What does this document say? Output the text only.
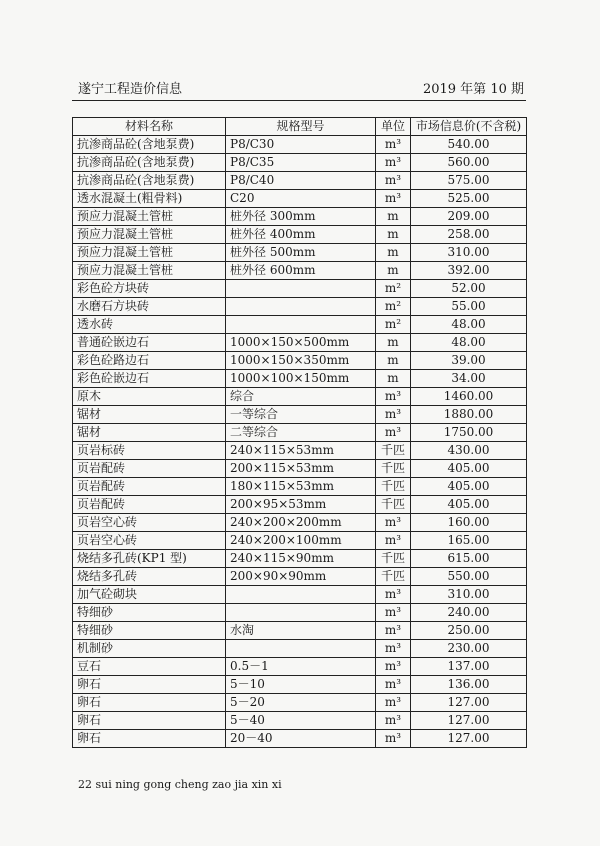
遂宁工程造价信息	2019 年第 10 期
材料名称	规格型号	单位	市场信息价(不含税)
抗渗商品砼(含地泵费)	P8/C30	m³	540.00
抗渗商品砼(含地泵费)	P8/C35	m³	560.00
抗渗商品砼(含地泵费)	P8/C40	m³	575.00
透水混凝土(粗骨料)	C20	m³	525.00
预应力混凝土管桩	桩外径 300mm	m	209.00
预应力混凝土管桩	桩外径 400mm	m	258.00
预应力混凝土管桩	桩外径 500mm	m	310.00
预应力混凝土管桩	桩外径 600mm	m	392.00
彩色砼方块砖		m²	52.00
水磨石方块砖		m²	55.00
透水砖		m²	48.00
普通砼嵌边石	1000×150×500mm	m	48.00
彩色砼路边石	1000×150×350mm	m	39.00
彩色砼嵌边石	1000×100×150mm	m	34.00
原木	综合	m³	1460.00
锯材	一等综合	m³	1880.00
锯材	二等综合	m³	1750.00
页岩标砖	240×115×53mm	千匹	430.00
页岩配砖	200×115×53mm	千匹	405.00
页岩配砖	180×115×53mm	千匹	405.00
页岩配砖	200×95×53mm	千匹	405.00
页岩空心砖	240×200×200mm	m³	160.00
页岩空心砖	240×200×100mm	m³	165.00
烧结多孔砖(KP1 型)	240×115×90mm	千匹	615.00
烧结多孔砖	200×90×90mm	千匹	550.00
加气砼砌块		m³	310.00
特细砂		m³	240.00
特细砂	水淘	m³	250.00
机制砂		m³	230.00
豆石	0.5－1	m³	137.00
卵石	5－10	m³	136.00
卵石	5－20	m³	127.00
卵石	5－40	m³	127.00
卵石	20－40	m³	127.00
22 sui ning gong cheng zao jia xin xi
